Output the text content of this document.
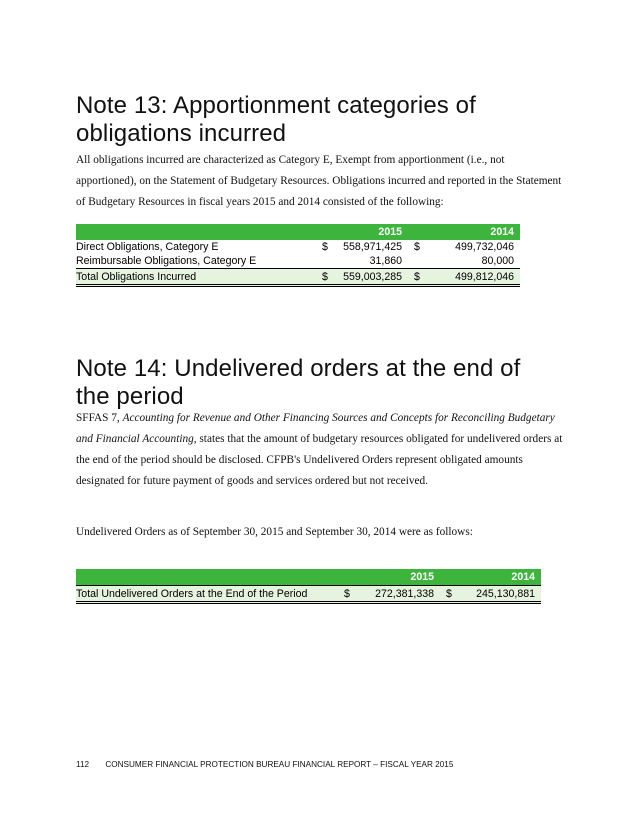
Note 13: Apportionment categories of
obligations incurred

All obligations incurred are characterized as Category E, Exempt from apportionment (i.e., not apportioned), on the Statement of Budgetary Resources. Obligations incurred and reported in the Statement of Budgetary Resources in fiscal years 2015 and 2014 consisted of the following:

	2015		2014	
Direct Obligations, Category E	$	558,971,425	$	499,732,046
Reimbursable Obligations, Category E		31,860		80,000
Total Obligations Incurred	$	559,003,285	$	499,812,046
Note 14: Undelivered orders at the end of
the period

SFFAS 7, Accounting for Revenue and Other Financing Sources and Concepts for Reconciling Budgetary and Financial Accounting, states that the amount of budgetary resources obligated for undelivered orders at the end of the period should be disclosed. CFPB's Undelivered Orders represent obligated amounts designated for future payment of goods and services ordered but not received.

Undelivered Orders as of September 30, 2015 and September 30, 2014 were as follows:

	2015		2014	
Total Undelivered Orders at the End of the Period	$	272,381,338	$	245,130,881
112 CONSUMER FINANCIAL PROTECTION BUREAU FINANCIAL REPORT – FISCAL YEAR 2015
